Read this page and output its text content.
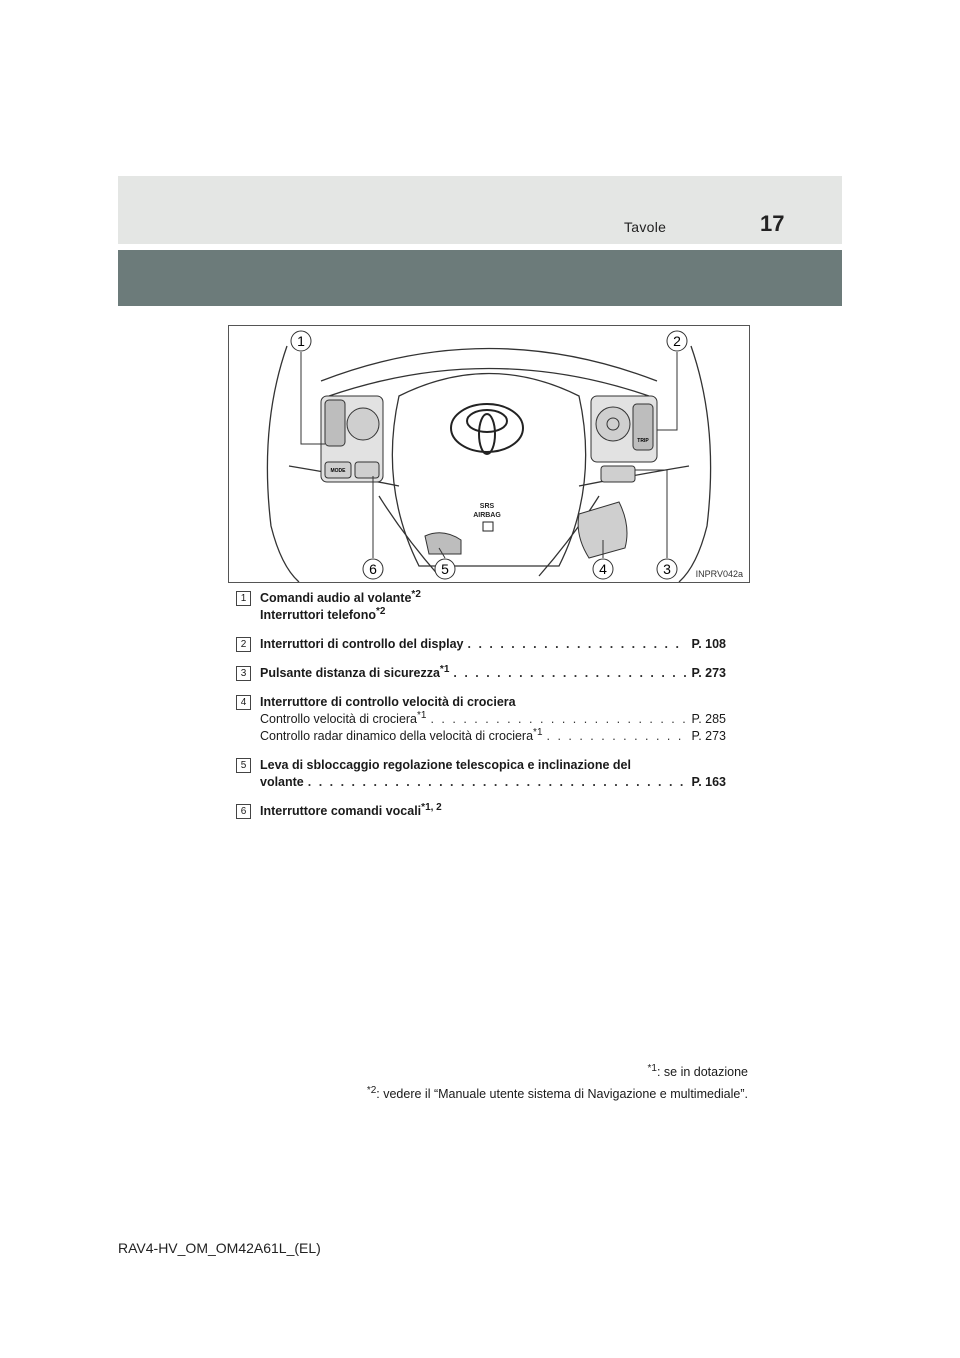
Tavole	17
SRS
AIRBAG
MODE
TRIP
1	2
3
4
5
6	INPRV042a
1	Comandi audio al volante$^{*2}$
Interruttori telefono$^{*2}$
2	Interruttori di controllo del display . . .	P. 108
3	Pulsante distanza di sicurezza$^{*1}$ . . .	P. 273
4	Interruttore di controllo velocità di crociera
Controllo velocità di crociera$^{*1}$ . . .	P. 285
Controllo radar dinamico della velocità di crociera$^{*1}$ . . .	P. 273
5	Leva di sbloccaggio regolazione telescopica e inclinazione del
volante . . .	P. 163
6	Interruttore comandi vocali$^{*1, 2}$
$^{*1}$: se in dotazione
$^{*2}$: vedere il “Manuale utente sistema di Navigazione e multimediale”.
RAV4-HV_OM_OM42A61L_(EL)
